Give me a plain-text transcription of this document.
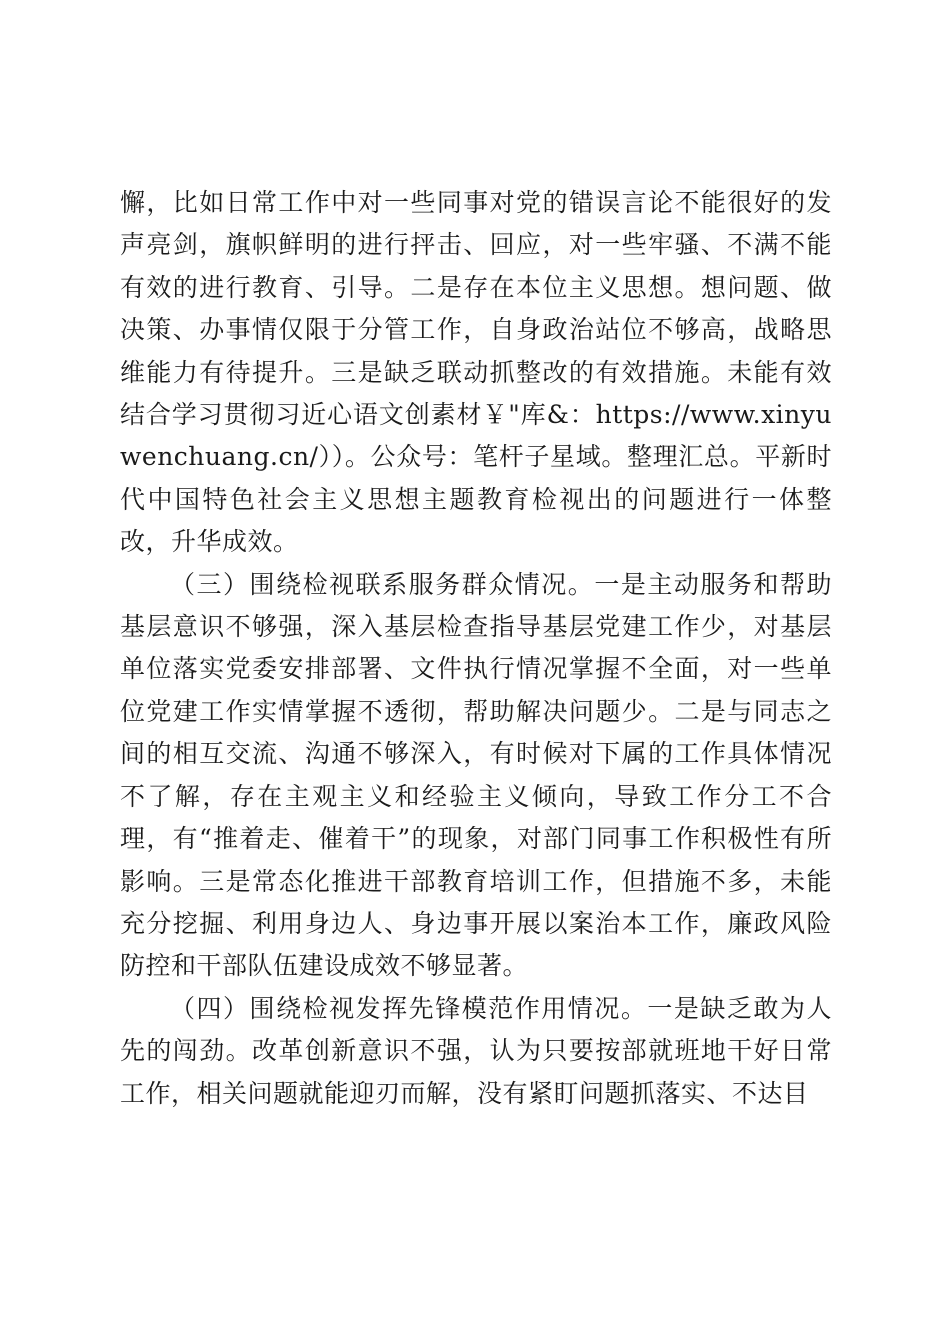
懈，比如日常工作中对一些同事对党的错误言论不能很好的发声亮剑，旗帜鲜明的进行抨击、回应，对一些牢骚、不满不能有效的进行教育、引导。二是存在本位主义思想。想问题、做决策、办事情仅限于分管工作，自身政治站位不够高，战略思维能力有待提升。三是缺乏联动抓整改的有效措施。未能有效结合学习贯彻习近心语文创素材￥"库&：https://www.xinyuwenchuang.cn/））。公众号：笔杆子星域。整理汇总。平新时代中国特色社会主义思想主题教育检视出的问题进行一体整改，升华成效。

（三）围绕检视联系服务群众情况。一是主动服务和帮助基层意识不够强，深入基层检查指导基层党建工作少，对基层单位落实党委安排部署、文件执行情况掌握不全面，对一些单位党建工作实情掌握不透彻，帮助解决问题少。二是与同志之间的相互交流、沟通不够深入，有时候对下属的工作具体情况不了解，存在主观主义和经验主义倾向，导致工作分工不合理，有“推着走、催着干”的现象，对部门同事工作积极性有所影响。三是常态化推进干部教育培训工作，但措施不多，未能充分挖掘、利用身边人、身边事开展以案治本工作，廉政风险防控和干部队伍建设成效不够显著。

（四）围绕检视发挥先锋模范作用情况。一是缺乏敢为人先的闯劲。改革创新意识不强，认为只要按部就班地干好日常工作，相关问题就能迎刃而解，没有紧盯问题抓落实、不达目
